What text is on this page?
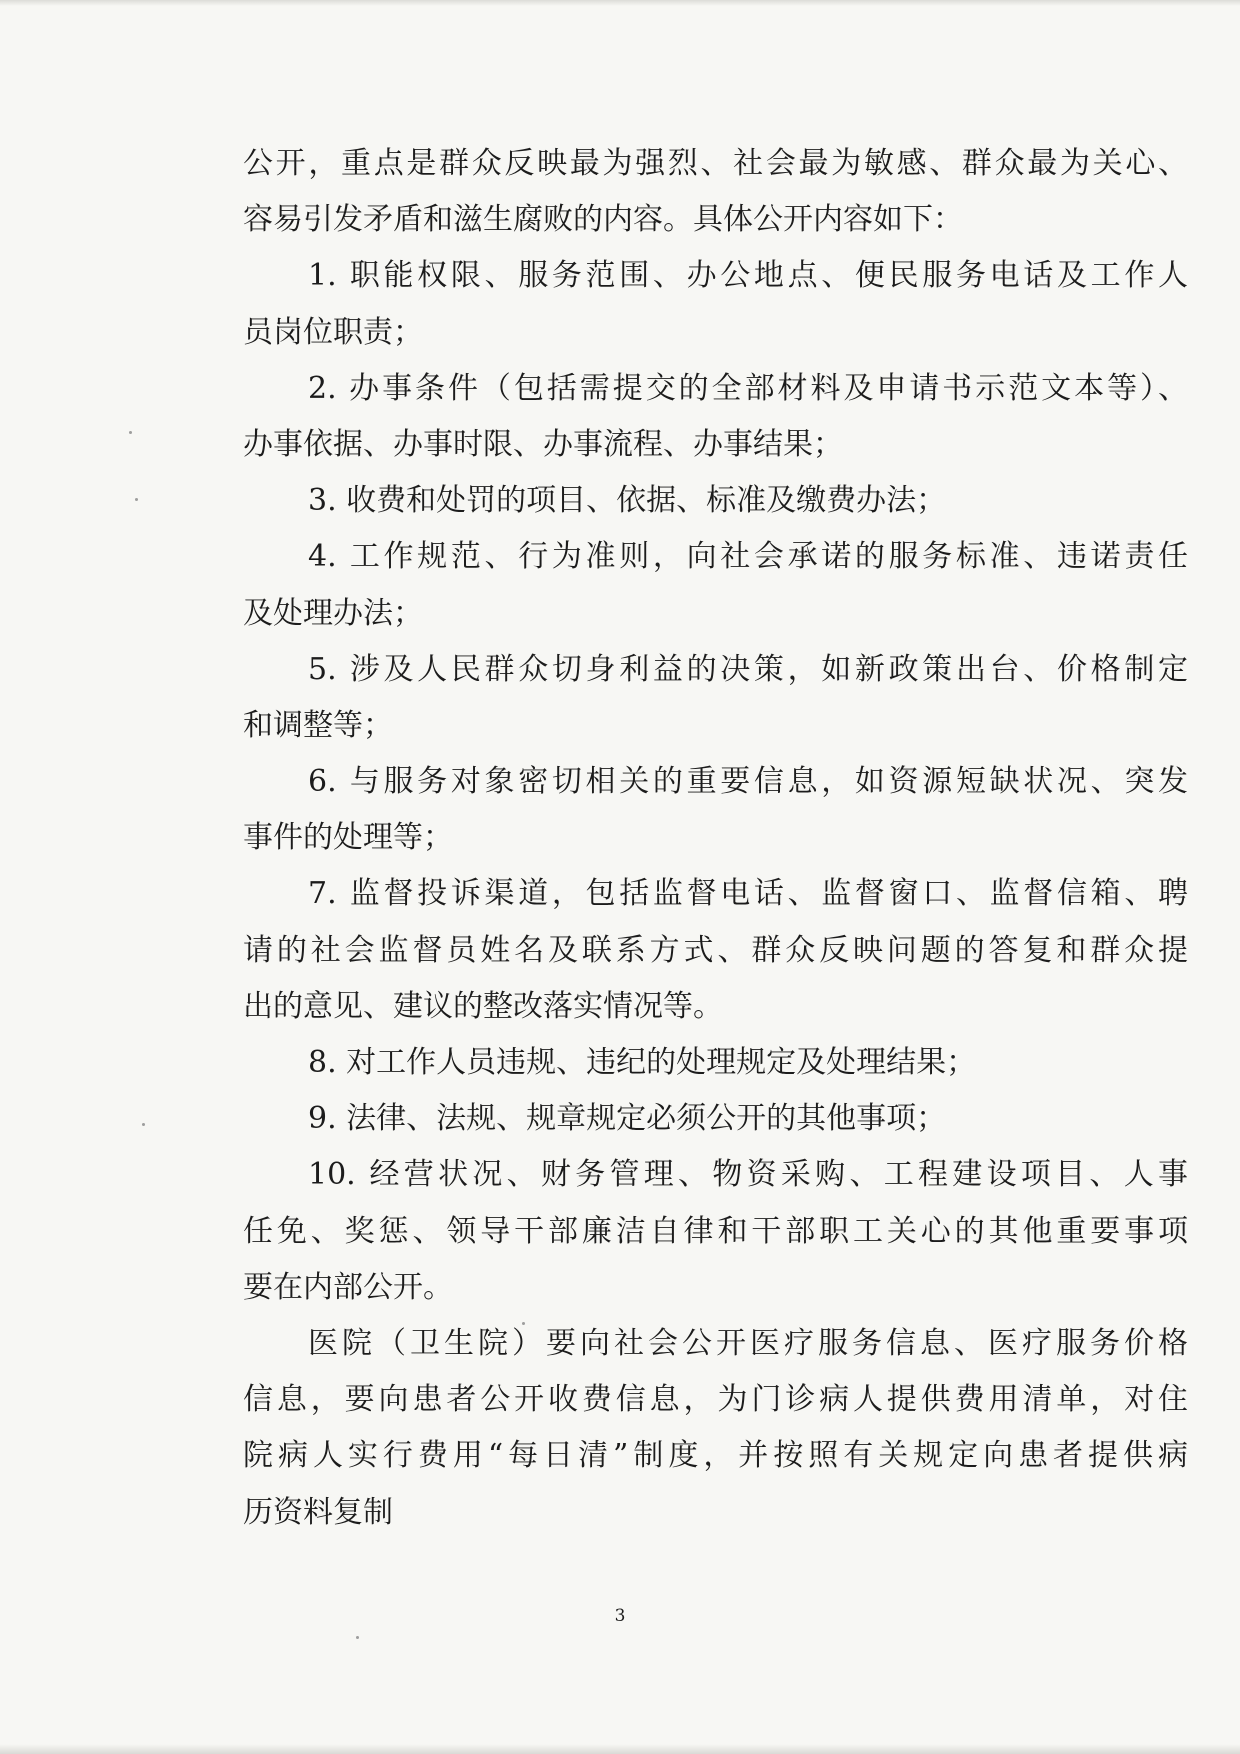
公开，重点是群众反映最为强烈、社会最为敏感、群众最为关心、
容易引发矛盾和滋生腐败的内容。具体公开内容如下：
1. 职能权限、服务范围、办公地点、便民服务电话及工作人
员岗位职责；
2. 办事条件（包括需提交的全部材料及申请书示范文本等）、
办事依据、办事时限、办事流程、办事结果；
3. 收费和处罚的项目、依据、标准及缴费办法；
4. 工作规范、行为准则，向社会承诺的服务标准、违诺责任
及处理办法；
5. 涉及人民群众切身利益的决策，如新政策出台、价格制定
和调整等；
6. 与服务对象密切相关的重要信息，如资源短缺状况、突发
事件的处理等；
7. 监督投诉渠道，包括监督电话、监督窗口、监督信箱、聘
请的社会监督员姓名及联系方式、群众反映问题的答复和群众提
出的意见、建议的整改落实情况等。
8. 对工作人员违规、违纪的处理规定及处理结果；
9. 法律、法规、规章规定必须公开的其他事项；
10. 经营状况、财务管理、物资采购、工程建设项目、人事
任免、奖惩、领导干部廉洁自律和干部职工关心的其他重要事项
要在内部公开。
医院（卫生院）要向社会公开医疗服务信息、医疗服务价格
信息，要向患者公开收费信息，为门诊病人提供费用清单，对住
院病人实行费用“每日清”制度，并按照有关规定向患者提供病
历资料复制
3
